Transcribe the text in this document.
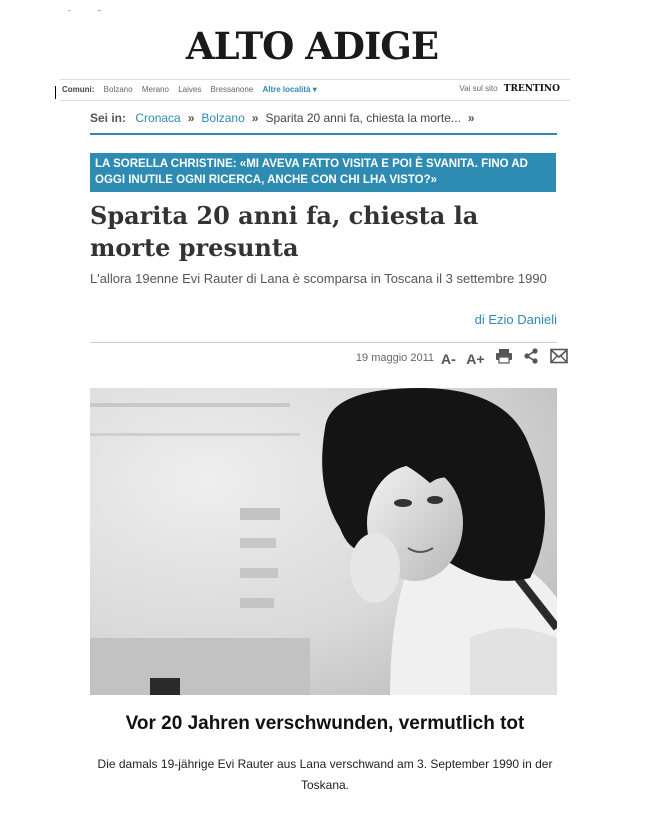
- –
ALTO ADIGE
Comuni: Bolzano Merano Laives Bressanone Altre località ▾	Vai sul sito TRENTINO
Sei in: Cronaca » Bolzano » Sparita 20 anni fa, chiesta la morte... »
LA SORELLA CHRISTINE: «MI AVEVA FATTO VISITA E POI È SVANITA. FINO AD OGGI INUTILE OGNI RICERCA, ANCHE CON CHI LHA VISTO?»
Sparita 20 anni fa, chiesta la morte presunta
L'allora 19enne Evi Rauter di Lana è scomparsa in Toscana il 3 settembre 1990
di Ezio Danieli
19 maggio 2011 A- A+
Vor 20 Jahren verschwunden, vermutlich tot
Die damals 19-jährige Evi Rauter aus Lana verschwand am 3. September 1990 in der Toskana.
